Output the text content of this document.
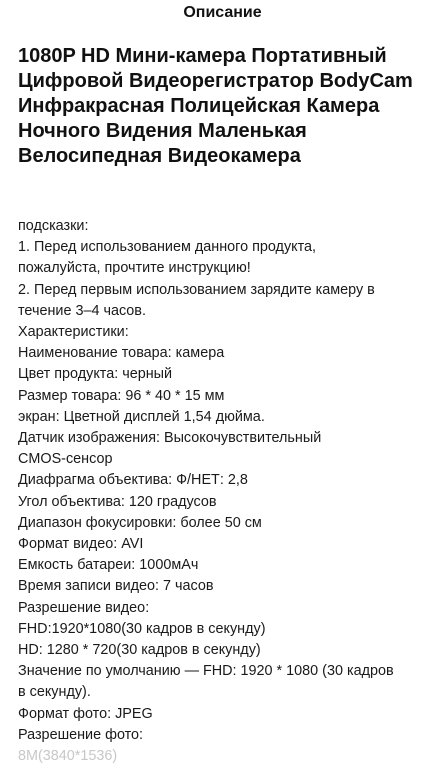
Описание
1080P HD Мини-камера Портативный Цифровой Видеорегистратор BodyCam Инфракрасная Полицейская Камера Ночного Видения Маленькая Велосипедная Видеокамера
подсказки:
1. Перед использованием данного продукта,
пожалуйста, прочтите инструкцию!
2. Перед первым использованием зарядите камеру в
течение 3–4 часов.
Характеристики:
Наименование товара: камера
Цвет продукта: черный
Размер товара: 96 * 40 * 15 мм
экран: Цветной дисплей 1,54 дюйма.
Датчик изображения: Высокочувствительный
CMOS-сенсор
Диафрагма объектива: Ф/НЕТ: 2,8
Угол объектива: 120 градусов
Диапазон фокусировки: более 50 см
Формат видео: AVI
Емкость батареи: 1000мАч
Время записи видео: 7 часов
Разрешение видео:
FHD:1920*1080(30 кадров в секунду)
HD: 1280 * 720(30 кадров в секунду)
Значение по умолчанию — FHD: 1920 * 1080 (30 кадров
в секунду).
Формат фото: JPEG
Разрешение фото:
8M(3840*1536)
